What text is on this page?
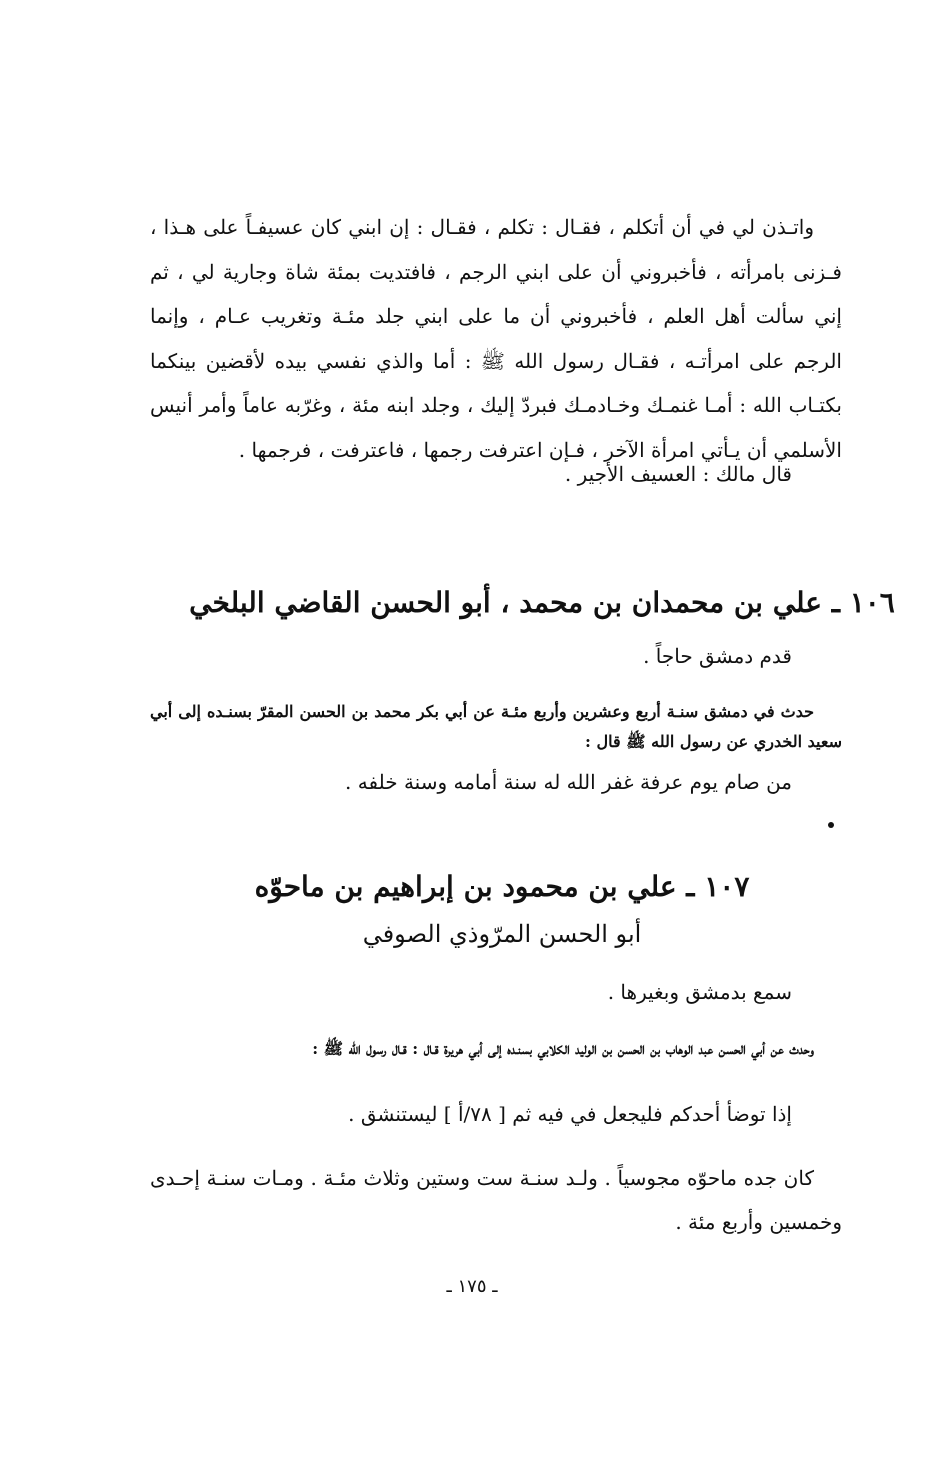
واتـذن لي في أن أتكلم ، فقـال : تكلم ، فقـال : إن ابني كان عسيفـاً على هـذا ، فـزنى بامرأته ، فأخبروني أن على ابني الرجم ، فافتديت بمئة شاة وجارية لي ، ثم إني سألت أهل العلم ، فأخبروني أن ما على ابني جلد مئـة وتغريب عـام ، وإنما الرجم على امرأتـه ، فقـال رسول الله ﷺ : أما والذي نفسي بيده لأقضين بينكما بكتـاب الله : أمـا غنمـك وخـادمـك فبردّ إليك ، وجلد ابنه مئة ، وغرّبه عاماً وأمر أنيس الأسلمي أن يـأتي امرأة الآخر ، فـإن اعترفت رجمها ، فاعترفت ، فرجمها .

قال مالك : العسيف الأجير .
١٠٦ ـ علي بن محمدان بن محمد ، أبو الحسن القاضي البلخي
قدم دمشق حاجاً .

حدث في دمشق سنـة أربع وعشرين وأربع مئـة عن أبي بكر محمد بن الحسن المقرّ بسنـده إلى أبي سعيد الخدري عن رسول الله ﷺ قال :

من صام يوم عرفة غفر الله له سنة أمامه وسنة خلفه .
١٠٧ ـ علي بن محمود بن إبراهيم بن ماحوّه
أبو الحسن المرّوذي الصوفي
سمع بدمشق وبغيرها .

وحدث عن أبي الحسن عبد الوهاب بن الحسن بن الوليد الكلابي بسنـده إلى أبي هريرة قـال : قـال رسول الله ﷺ :

إذا توضأ أحدكم فليجعل في فيه ثم [ ٧٨/أ ] ليستنشق .

كان جده ماحوّه مجوسياً . ولـد سنـة ست وستين وثلاث مئـة . ومـات سنـة إحـدى وخمسين وأربع مئة .

ـ ١٧٥ ـ
